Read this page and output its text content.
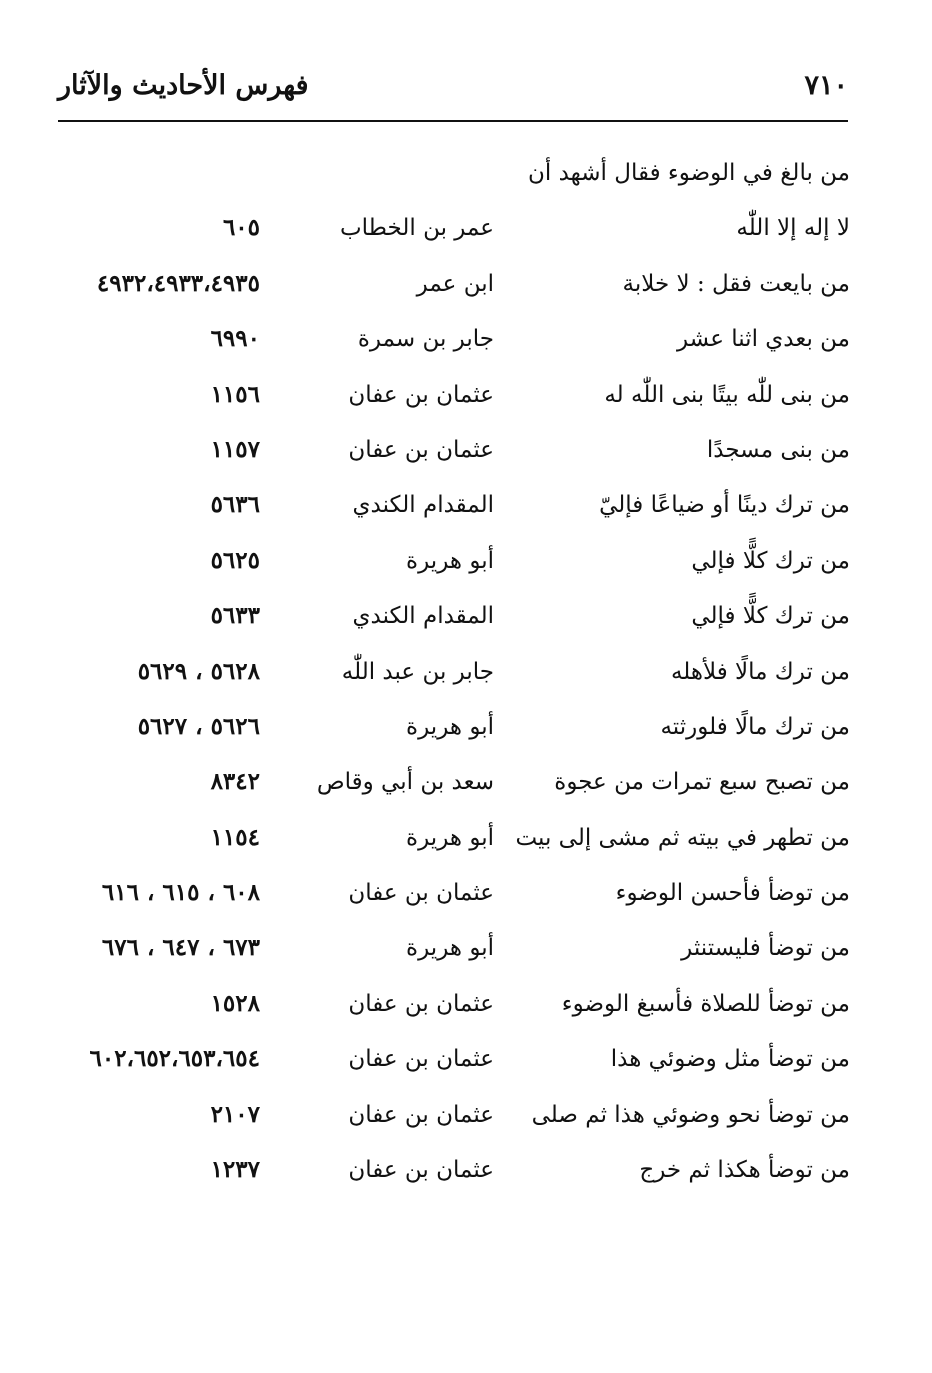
٧١٠
فهرس الأحاديث والآثار
من بالغ في الوضوء فقال أشهد أن
لا إله إلا اللّٰه
عمر بن الخطاب
٦٠٥
من بايعت فقل : لا خلابة
ابن عمر
٤٩٣٢،٤٩٣٣،٤٩٣٥
من بعدي اثنا عشر
جابر بن سمرة
٦٩٩٠
من بنى للّٰه بيتًا بنى اللّٰه له
عثمان بن عفان
١١٥٦
من بنى مسجدًا
عثمان بن عفان
١١٥٧
من ترك دينًا أو ضياعًا فإليّ
المقدام الكندي
٥٦٣٦
من ترك كلًّا فإلي
أبو هريرة
٥٦٢٥
من ترك كلًّا فإلي
المقدام الكندي
٥٦٣٣
من ترك مالًا فلأهله
جابر بن عبد اللّٰه
٥٦٢٨ ، ٥٦٢٩
من ترك مالًا فلورثته
أبو هريرة
٥٦٢٦ ، ٥٦٢٧
من تصبح سبع تمرات من عجوة
سعد بن أبي وقاص
٨٣٤٢
من تطهر في بيته ثم مشى إلى بيت
أبو هريرة
١١٥٤
من توضأ فأحسن الوضوء
عثمان بن عفان
٦٠٨ ، ٦١٥ ، ٦١٦
من توضأ فليستنثر
أبو هريرة
٦٧٣ ، ٦٤٧ ، ٦٧٦
من توضأ للصلاة فأسبغ الوضوء
عثمان بن عفان
١٥٢٨
من توضأ مثل وضوئي هذا
عثمان بن عفان
٦٠٢،٦٥٢،٦٥٣،٦٥٤
من توضأ نحو وضوئي هذا ثم صلى
عثمان بن عفان
٢١٠٧
من توضأ هكذا ثم خرج
عثمان بن عفان
١٢٣٧
